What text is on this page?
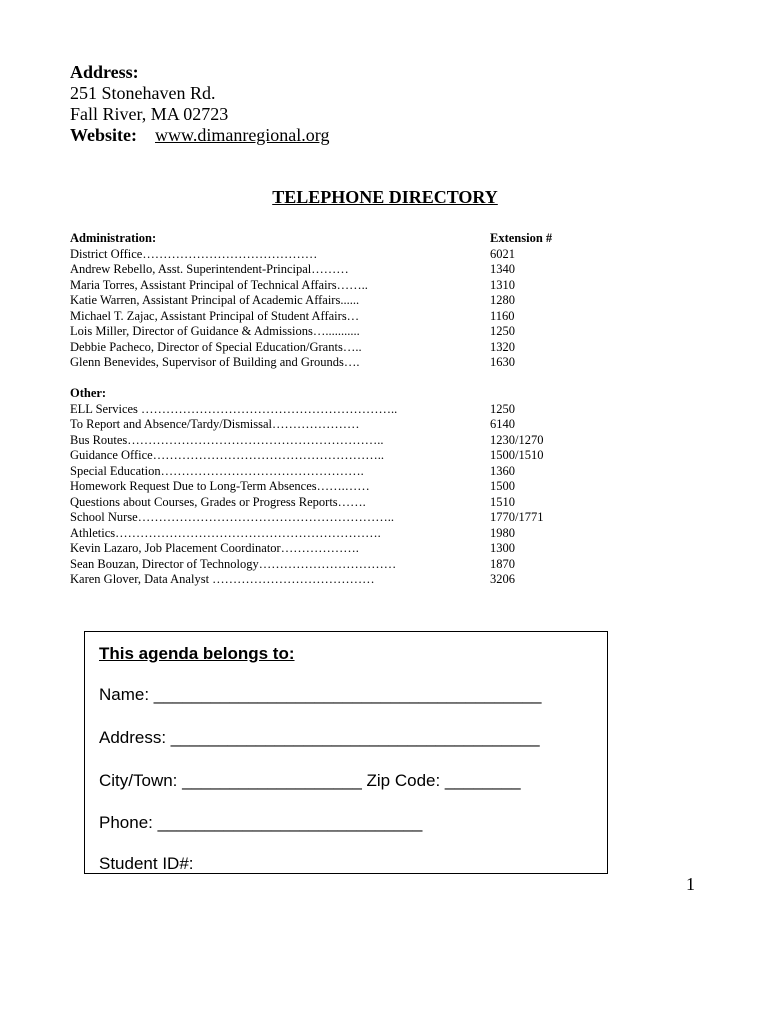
Address:
251 Stonehaven Rd.
Fall River, MA 02723
Website: www.dimanregional.org
TELEPHONE DIRECTORY
Administration:	Extension #
District Office……………………………………	6021
Andrew Rebello, Asst. Superintendent-Principal………	1340
Maria Torres, Assistant Principal of Technical Affairs……..	1310
Katie Warren, Assistant Principal of Academic Affairs......	1280
Michael T. Zajac, Assistant Principal of Student Affairs…	1160
Lois Miller, Director of Guidance & Admissions…...........	1250
Debbie Pacheco, Director of Special Education/Grants…..	1320
Glenn Benevides, Supervisor of Building and Grounds….	1630
Other:
ELL Services ……………………………………………………..	1250
To Report and Absence/Tardy/Dismissal…………………	6140
Bus Routes……………………………………………………..	1230/1270
Guidance Office………………………………………………..	1500/1510
Special Education………………………………………….	1360
Homework Request Due to Long-Term Absences…….……	1500
Questions about Courses, Grades or Progress Reports…….	1510
School Nurse……………………………………………………..	1770/1771
Athletics……………………………………………………….	1980
Kevin Lazaro, Job Placement Coordinator……………….	1300
Sean Bouzan, Director of Technology……………………………	1870
Karen Glover, Data Analyst …………………………………	3206
This agenda belongs to:
Name: _________________________________________
Address: _______________________________________
City/Town: ___________________ Zip Code: ________
Phone: ____________________________
Student ID#:
1
